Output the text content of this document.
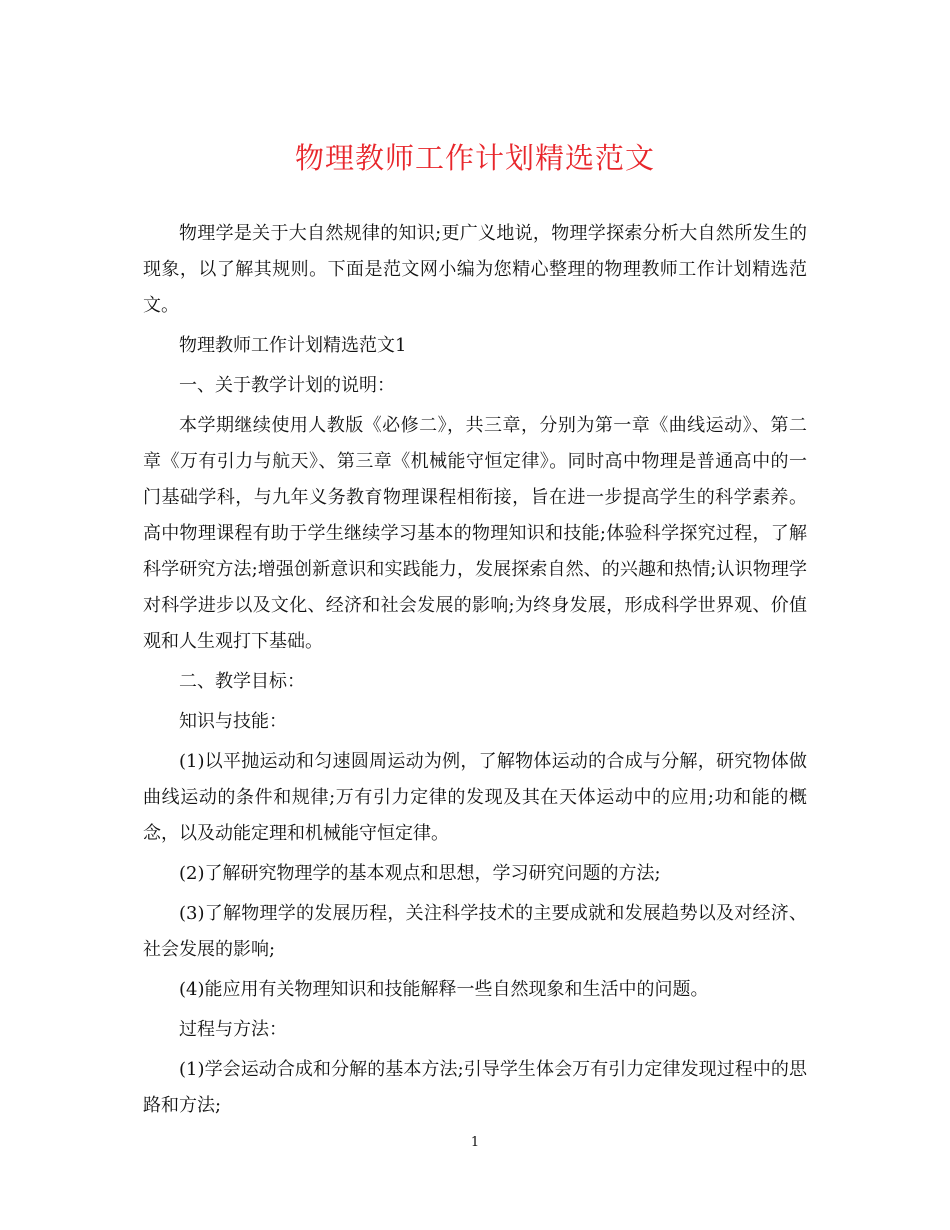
物理教师工作计划精选范文

物理学是关于大自然规律的知识;更广义地说，物理学探索分析大自然所发生的现象，以了解其规则。下面是范文网小编为您精心整理的物理教师工作计划精选范文。

物理教师工作计划精选范文1

一、关于教学计划的说明：

本学期继续使用人教版《必修二》，共三章，分别为第一章《曲线运动》、第二章《万有引力与航天》、第三章《机械能守恒定律》。同时高中物理是普通高中的一门基础学科，与九年义务教育物理课程相衔接，旨在进一步提高学生的科学素养。高中物理课程有助于学生继续学习基本的物理知识和技能;体验科学探究过程，了解科学研究方法;增强创新意识和实践能力，发展探索自然、的兴趣和热情;认识物理学对科学进步以及文化、经济和社会发展的影响;为终身发展，形成科学世界观、价值观和人生观打下基础。

二、教学目标：

知识与技能：

(1)以平抛运动和匀速圆周运动为例，了解物体运动的合成与分解，研究物体做曲线运动的条件和规律;万有引力定律的发现及其在天体运动中的应用;功和能的概念，以及动能定理和机械能守恒定律。

(2)了解研究物理学的基本观点和思想，学习研究问题的方法;

(3)了解物理学的发展历程，关注科学技术的主要成就和发展趋势以及对经济、社会发展的影响;

(4)能应用有关物理知识和技能解释一些自然现象和生活中的问题。

过程与方法：

(1)学会运动合成和分解的基本方法;引导学生体会万有引力定律发现过程中的思路和方法;

1
